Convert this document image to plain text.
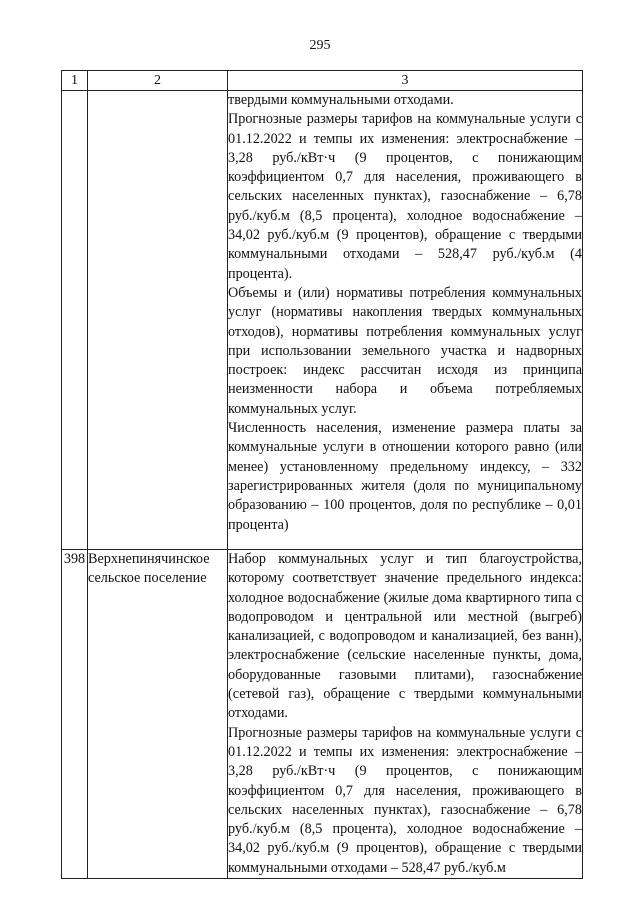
295
1	2	3

		твердыми коммунальными отходами.

Прогнозные размеры тарифов на коммунальные услуги с 01.12.2022 и темпы их изменения: электроснабжение – 3,28 руб./кВт·ч (9 процентов, с понижающим коэффициентом 0,7 для населения, проживающего в сельских населенных пунктах), газоснабжение – 6,78 руб./куб.м (8,5 процента), холодное водоснабжение – 34,02 руб./куб.м (9 процентов), обращение с твердыми коммунальными отходами – 528,47 руб./куб.м (4 процента).

Объемы и (или) нормативы потребления коммунальных услуг (нормативы накопления твердых коммунальных отходов), нормативы потребления коммунальных услуг при использовании земельного участка и надворных построек: индекс рассчитан исходя из принципа неизменности набора и объема потребляемых коммунальных услуг.

Численность населения, изменение размера платы за коммунальные услуги в отношении которого равно (или менее) установленному предельному индексу, – 332 зарегистрированных жителя (доля по муниципальному образованию – 100 процентов, доля по республике – 0,01 процента)

398	Верхнепинячинское сельское поселение	Набор коммунальных услуг и тип благоустройства, которому соответствует значение предельного индекса: холодное водоснабжение (жилые дома квартирного типа с водопроводом и центральной или местной (выгреб) канализацией, с водопроводом и канализацией, без ванн), электроснабжение (сельские населенные пункты, дома, оборудованные газовыми плитами), газоснабжение (сетевой газ), обращение с твердыми коммунальными отходами.

Прогнозные размеры тарифов на коммунальные услуги с 01.12.2022 и темпы их изменения: электроснабжение – 3,28 руб./кВт·ч (9 процентов, с понижающим коэффициентом 0,7 для населения, проживающего в сельских населенных пунктах), газоснабжение – 6,78 руб./куб.м (8,5 процента), холодное водоснабжение – 34,02 руб./куб.м (9 процентов), обращение с твердыми коммунальными отходами – 528,47 руб./куб.м
